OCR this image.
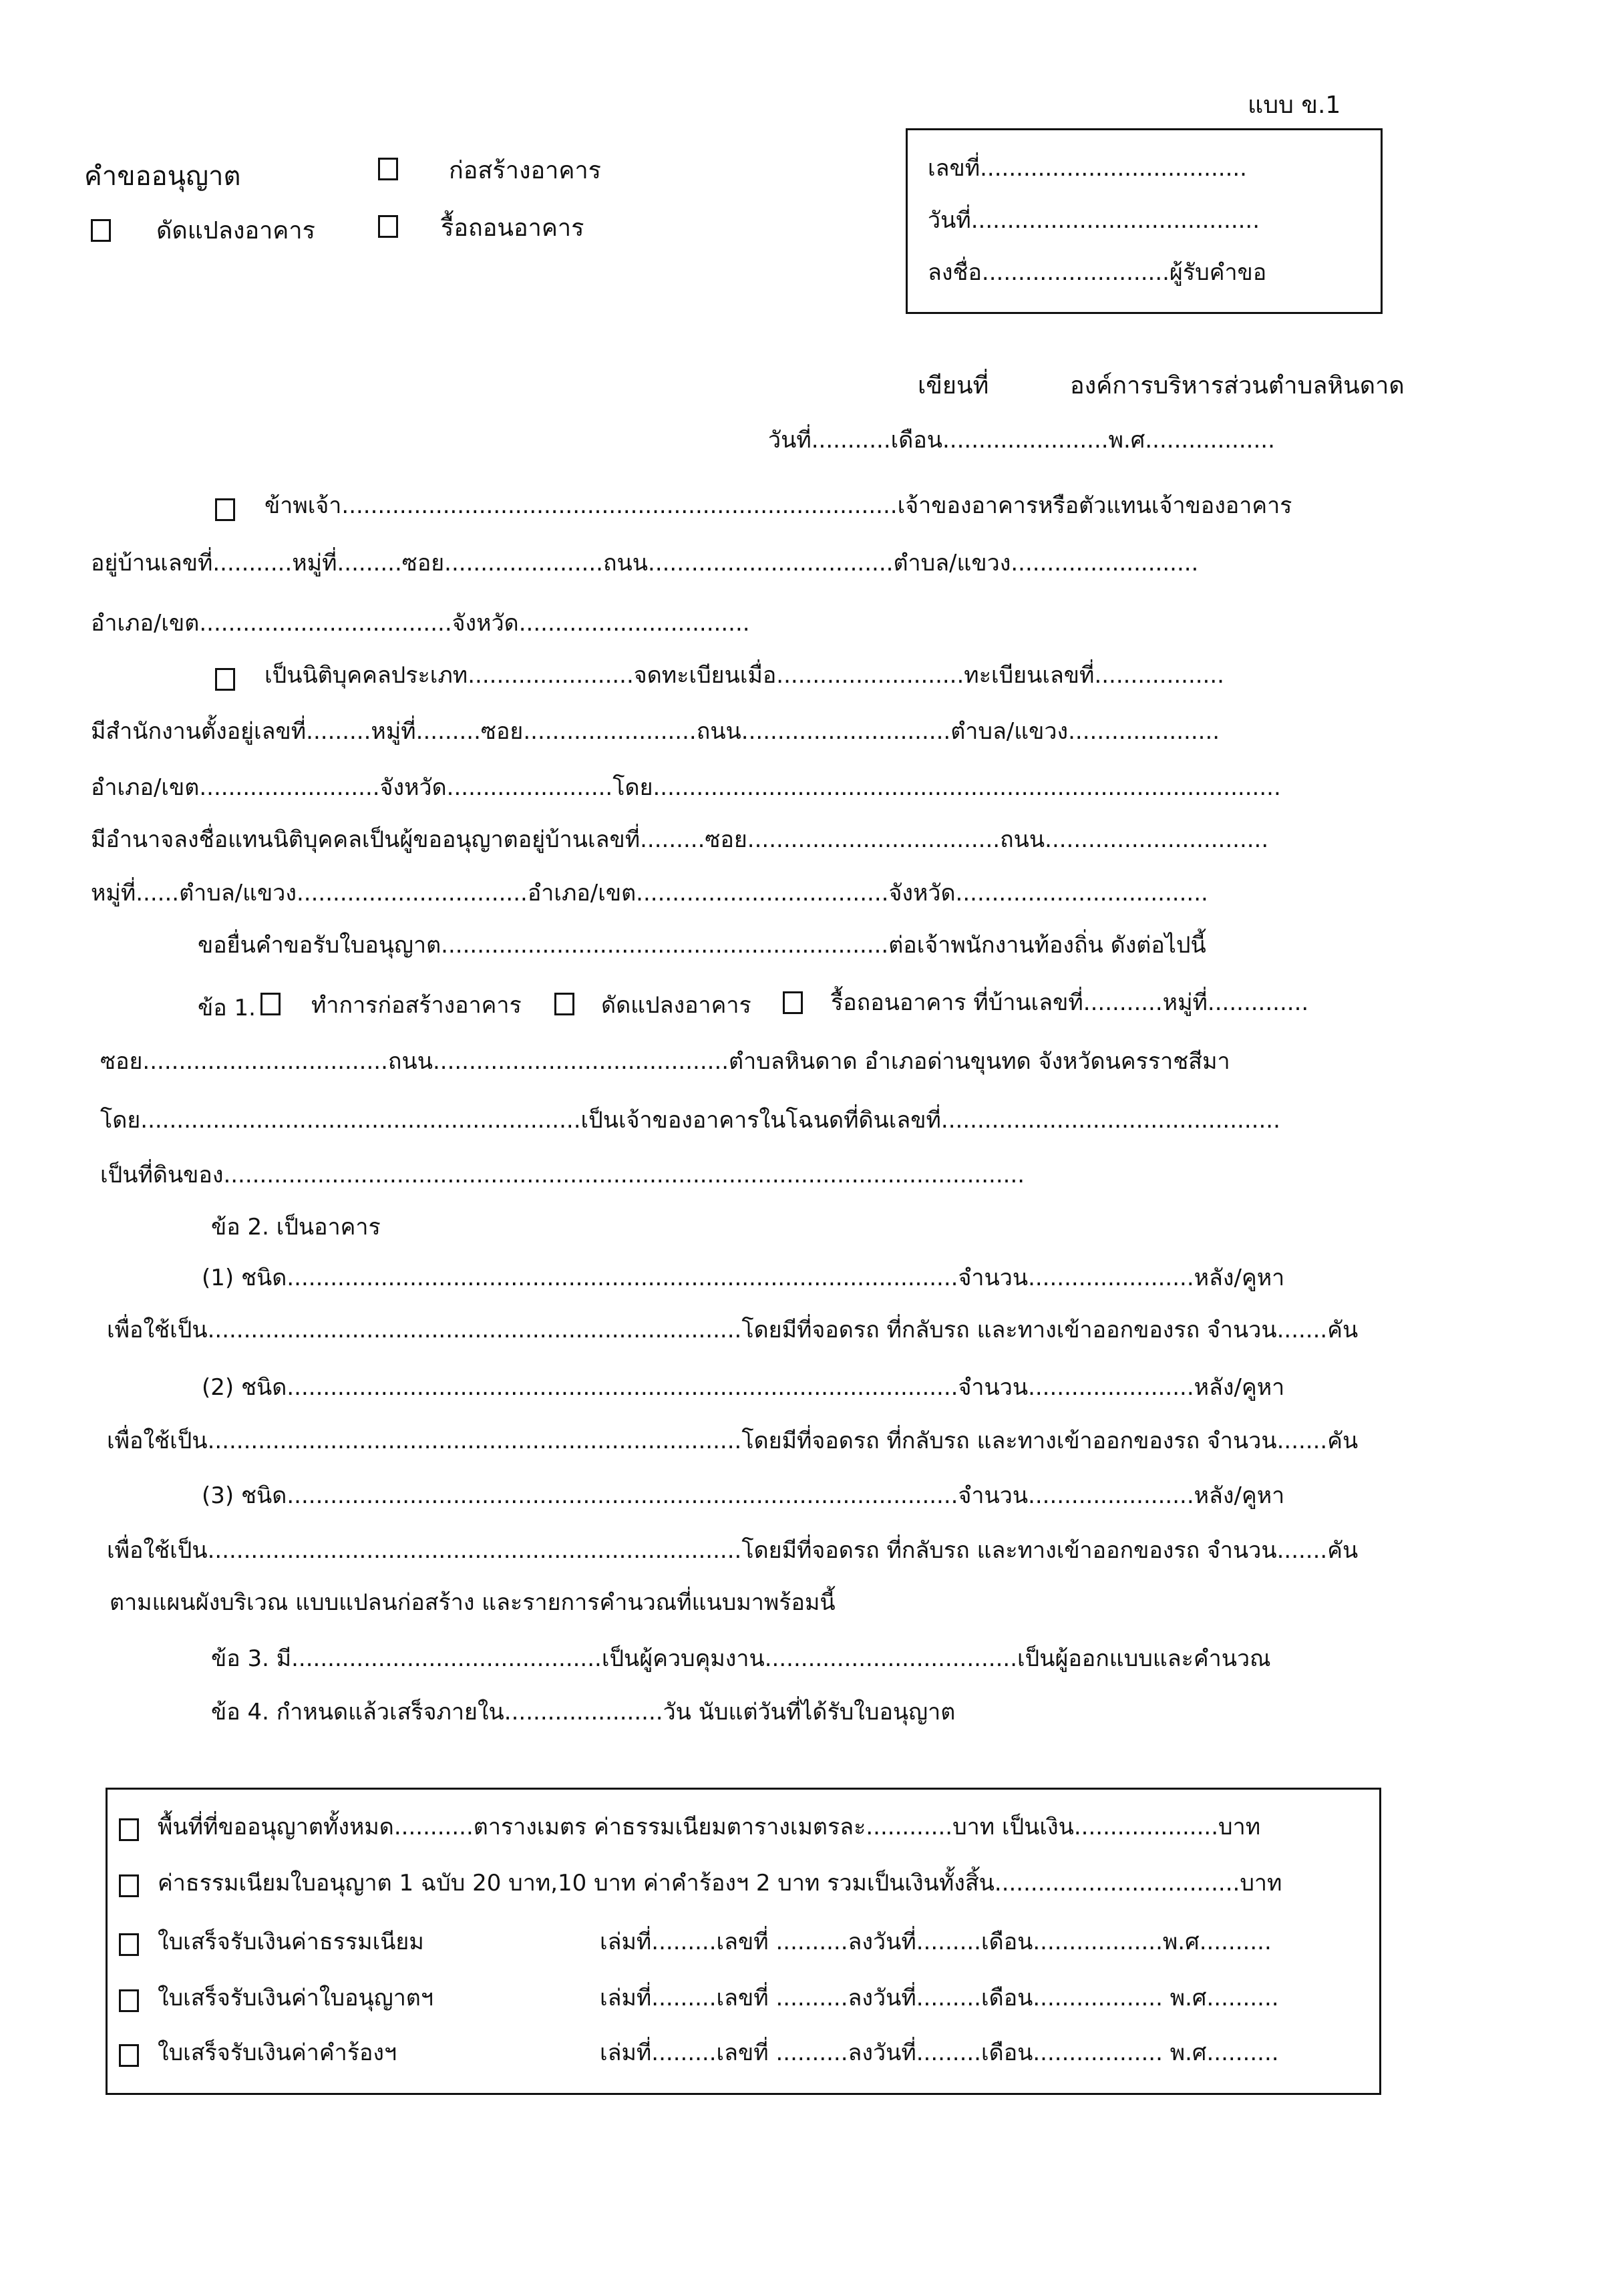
แบบ ข.1
คำขออนุญาต	ก่อสร้างอาคาร
ดัดแปลงอาคาร	รื้อถอนอาคาร
เลขที่.....................................
วันที่........................................
ลงชื่อ..........................ผู้รับคำขอ
เขียนที่	องค์การบริหารส่วนตำบลหินดาด
วันที่...........เดือน.......................พ.ศ..................
ข้าพเจ้า.............................................................................เจ้าของอาคารหรือตัวแทนเจ้าของอาคาร
อยู่บ้านเลขที่...........หมู่ที่.........ซอย......................ถนน..................................ตำบล/แขวง..........................
อำเภอ/เขต...................................จังหวัด................................
เป็นนิติบุคคลประเภท.......................จดทะเบียนเมื่อ..........................ทะเบียนเลขที่..................
มีสำนักงานตั้งอยู่เลขที่.........หมู่ที่.........ซอย........................ถนน.............................ตำบล/แขวง.....................
อำเภอ/เขต.........................จังหวัด.......................โดย.......................................................................................
มีอำนาจลงชื่อแทนนิติบุคคลเป็นผู้ขออนุญาตอยู่บ้านเลขที่.........ซอย...................................ถนน...............................
หมู่ที่......ตำบล/แขวง................................อำเภอ/เขต...................................จังหวัด...................................
ขอยื่นคำขอรับใบอนุญาต..............................................................ต่อเจ้าพนักงานท้องถิ่น ดังต่อไปนี้
ข้อ 1. ทำการก่อสร้างอาคาร	ดัดแปลงอาคาร	รื้อถอนอาคาร ที่บ้านเลขที่...........หมู่ที่..............
ซอย..................................ถนน.........................................ตำบลหินดาด อำเภอด่านขุนทด จังหวัดนครราชสีมา
โดย.............................................................เป็นเจ้าของอาคารในโฉนดที่ดินเลขที่...............................................
เป็นที่ดินของ...............................................................................................................
ข้อ 2. เป็นอาคาร
(1) ชนิด.............................................................................................จำนวน.......................หลัง/คูหา
เพื่อใช้เป็น..........................................................................โดยมีที่จอดรถ ที่กลับรถ และทางเข้าออกของรถ จำนวน.......คัน
(2) ชนิด.............................................................................................จำนวน.......................หลัง/คูหา
เพื่อใช้เป็น..........................................................................โดยมีที่จอดรถ ที่กลับรถ และทางเข้าออกของรถ จำนวน.......คัน
(3) ชนิด.............................................................................................จำนวน.......................หลัง/คูหา
เพื่อใช้เป็น..........................................................................โดยมีที่จอดรถ ที่กลับรถ และทางเข้าออกของรถ จำนวน.......คัน
ตามแผนผังบริเวณ แบบแปลนก่อสร้าง และรายการคำนวณที่แนบมาพร้อมนี้
ข้อ 3. มี...........................................เป็นผู้ควบคุมงาน...................................เป็นผู้ออกแบบและคำนวณ
ข้อ 4. กำหนดแล้วเสร็จภายใน......................วัน นับแต่วันที่ได้รับใบอนุญาต
พื้นที่ที่ขออนุญาตทั้งหมด...........ตารางเมตร ค่าธรรมเนียมตารางเมตรละ............บาท เป็นเงิน....................บาท
ค่าธรรมเนียมใบอนุญาต 1 ฉบับ 20 บาท,10 บาท ค่าคำร้องฯ 2 บาท รวมเป็นเงินทั้งสิ้น..................................บาท
ใบเสร็จรับเงินค่าธรรมเนียม	เล่มที่.........เลขที่ ..........ลงวันที่.........เดือน..................พ.ศ..........
ใบเสร็จรับเงินค่าใบอนุญาตฯ	เล่มที่.........เลขที่ ..........ลงวันที่.........เดือน.................. พ.ศ..........
ใบเสร็จรับเงินค่าคำร้องฯ	เล่มที่.........เลขที่ ..........ลงวันที่.........เดือน.................. พ.ศ..........
